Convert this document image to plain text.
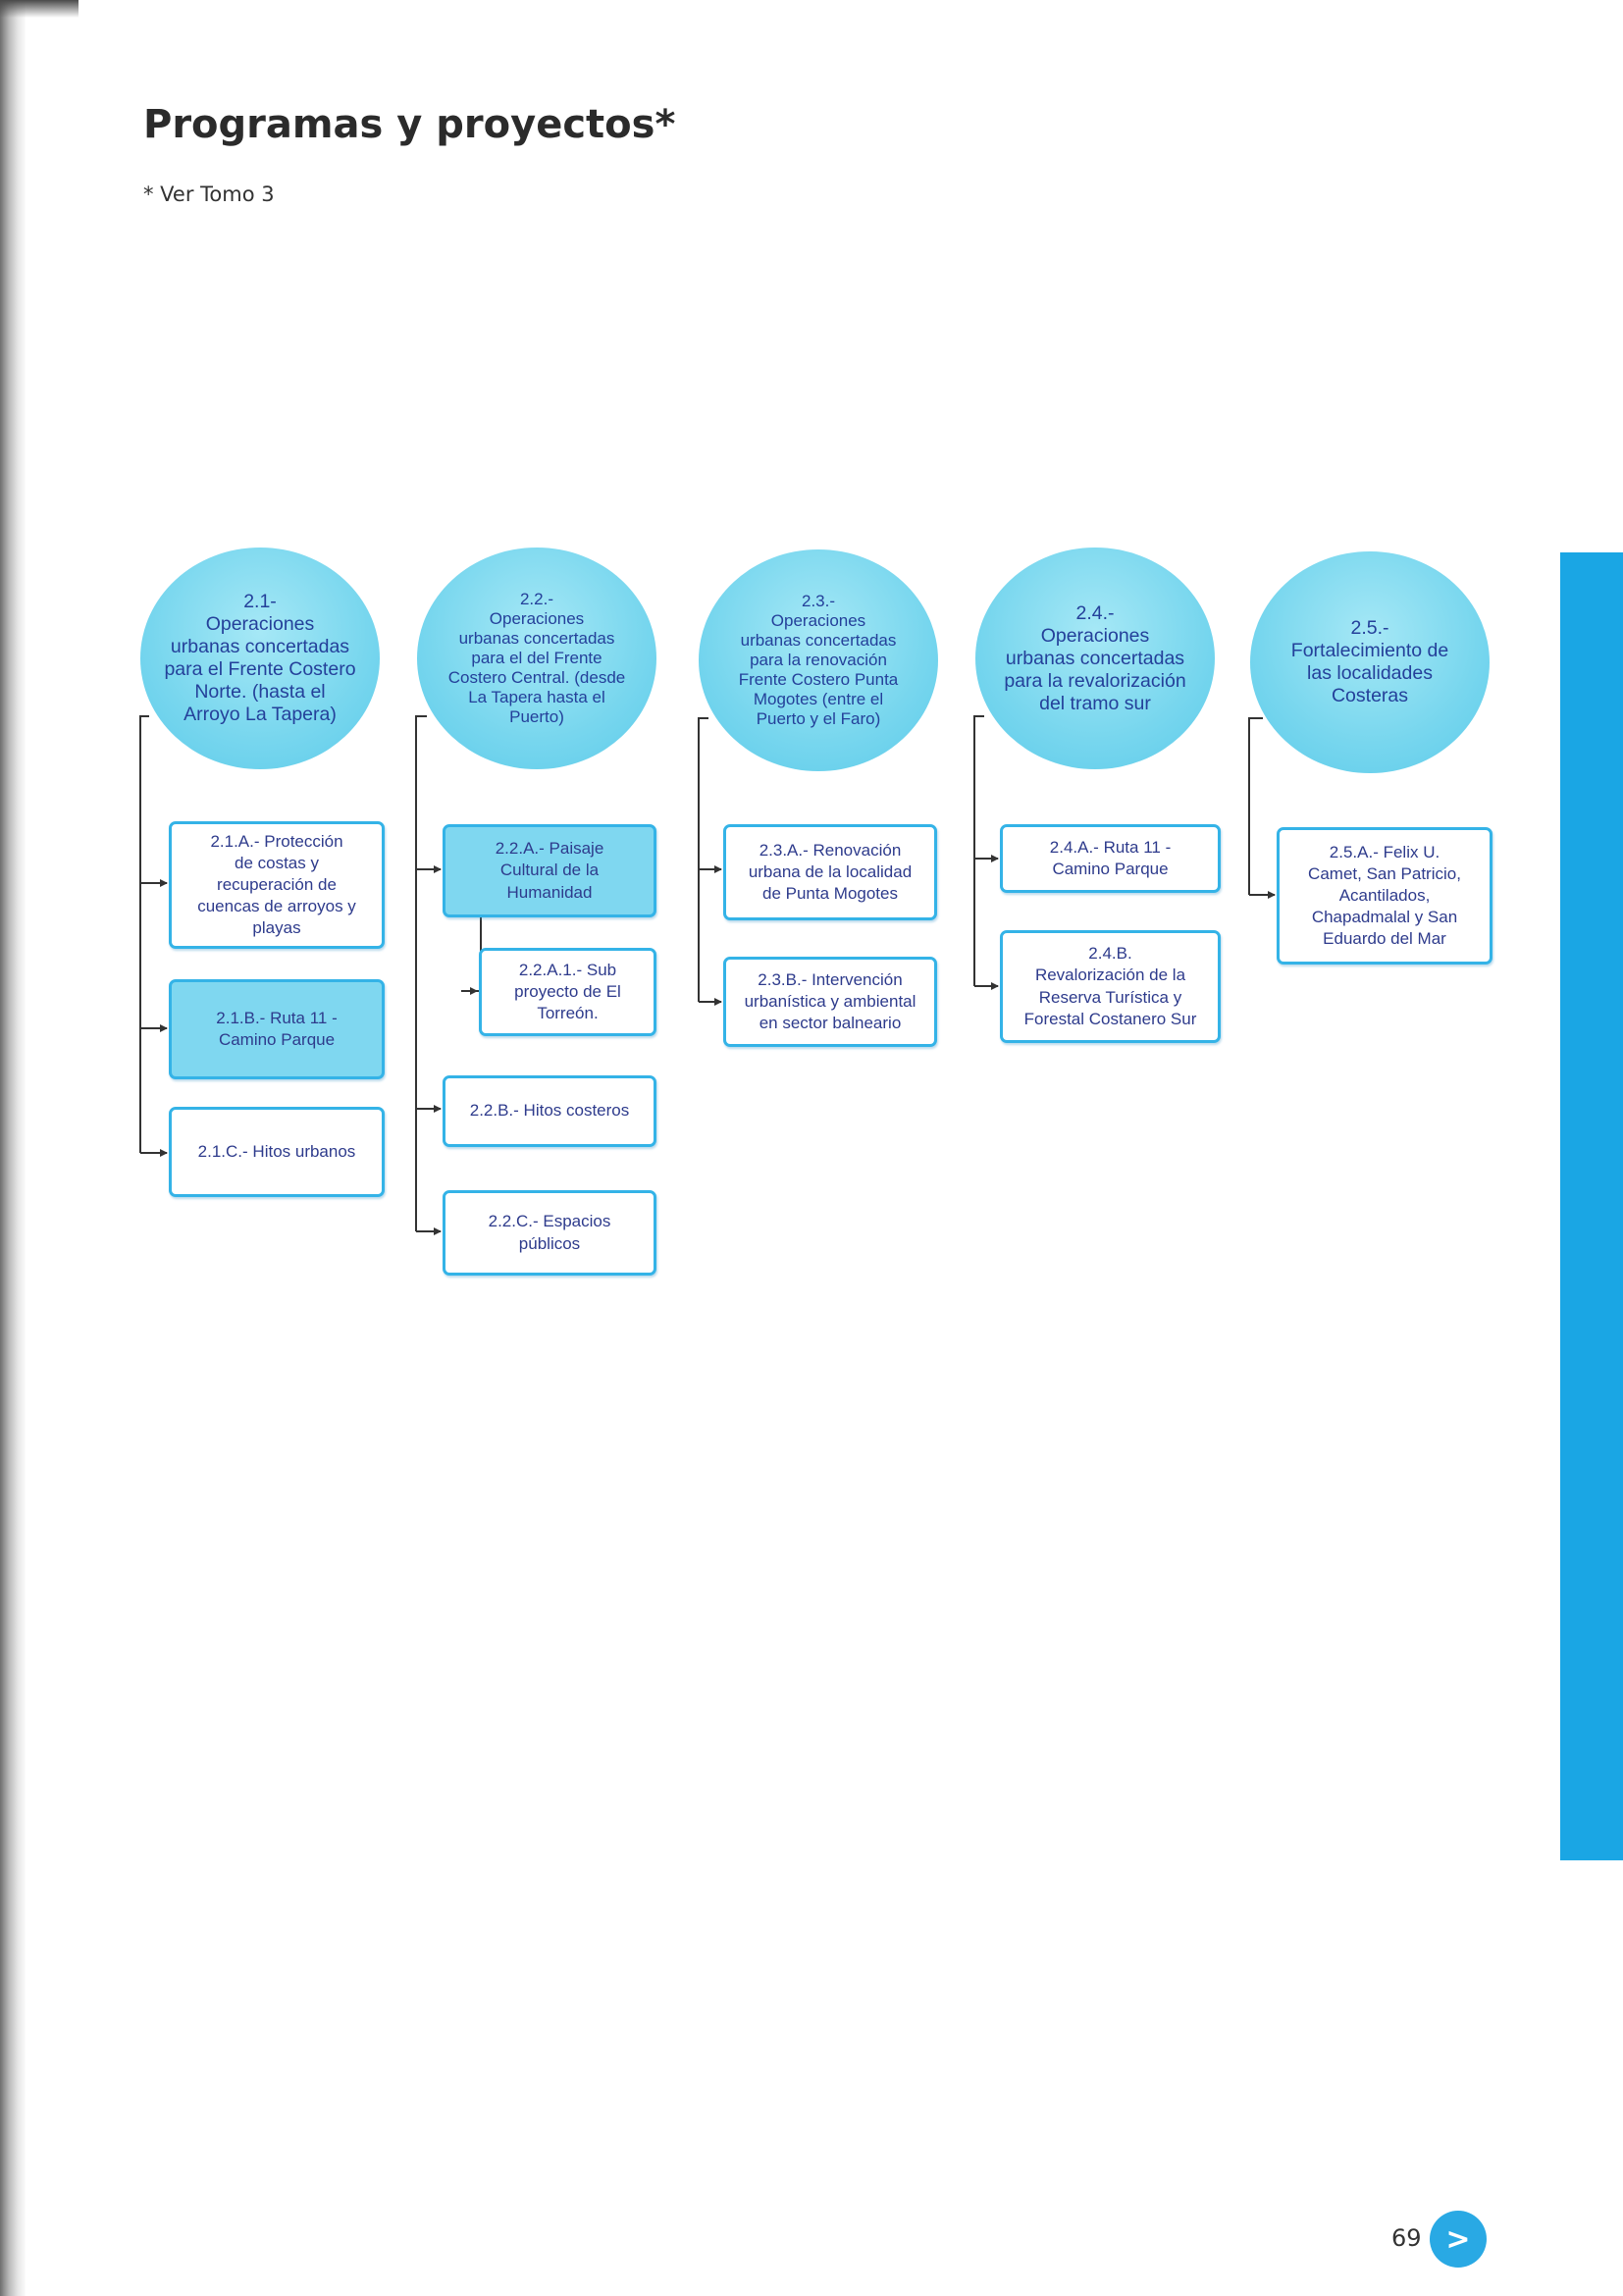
Programas y proyectos*

* Ver Tomo 3

2.1-
Operaciones
urbanas concertadas
para el Frente Costero
Norte. (hasta el
Arroyo La Tapera)
2.2.-
Operaciones
urbanas concertadas
para el del Frente
Costero Central. (desde
La Tapera hasta el
Puerto)
2.3.-
Operaciones
urbanas concertadas
para la renovación
Frente Costero Punta
Mogotes (entre el
Puerto y el Faro)
2.4.-
Operaciones
urbanas concertadas
para la revalorización
del tramo sur
2.5.-
Fortalecimiento de
las localidades
Costeras
2.1.A.- Protección
de costas y
recuperación de
cuencas de arroyos y
playas
2.1.B.- Ruta 11 -
Camino Parque
2.1.C.- Hitos urbanos
2.2.A.- Paisaje
Cultural de la
Humanidad
2.2.A.1.- Sub
proyecto de El
Torreón.
2.2.B.- Hitos costeros
2.2.C.- Espacios
públicos
2.3.A.- Renovación
urbana de la localidad
de Punta Mogotes
2.3.B.- Intervención
urbanística y ambiental
en sector balneario
2.4.A.- Ruta 11 -
Camino Parque
2.4.B.
Revalorización de la
Reserva Turística y
Forestal Costanero Sur
2.5.A.- Felix U.
Camet, San Patricio,
Acantilados,
Chapadmalal y San
Eduardo del Mar
69 >
